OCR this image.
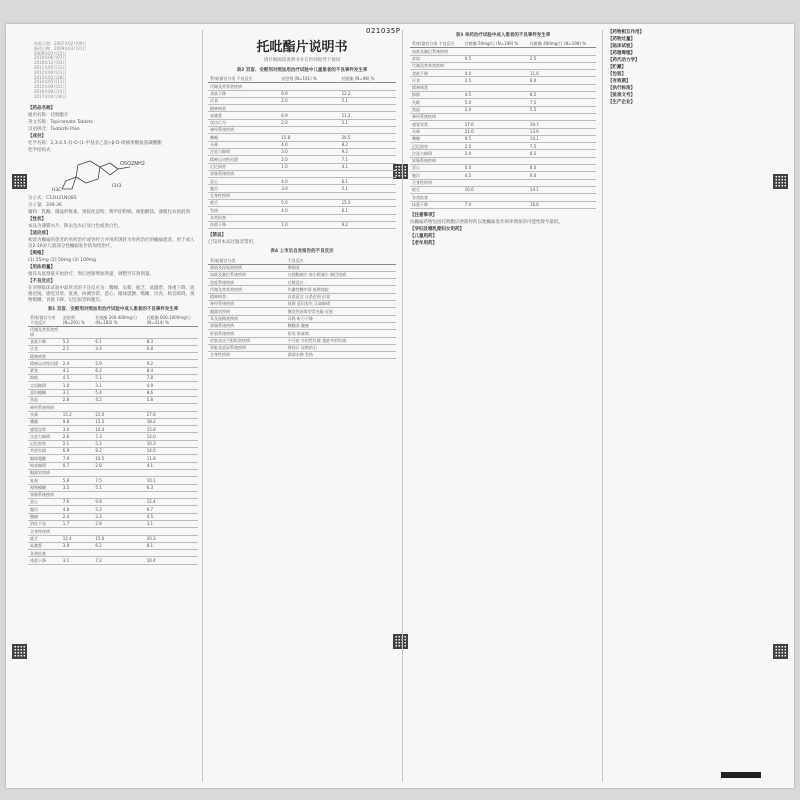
021035P
核准日期：2007年02月09日
修改日期：2009年03月21日
2009年07月22日
2010年06月07日
2010年12月03日
2011年05月31日
2012年09月01日
2013年01月28日
2014年05月11日
2015年09月01日
2016年08月15日
2017年04月30日

【药品名称】

通用名称：托吡酯片

英文名称：Topiramate Tablets

汉语拼音：Tuobizhi Pian

【成份】

化学名称：2,3:4,5-双-O-(1-甲基亚乙基)-β-D-吡喃果糖氨基磺酸酯

化学结构式：

OSO2NH2
H3C
CH3

分子式：C12H21NO8S

分子量：339.36

辅料：乳糖、微晶纤维素、预胶化淀粉、羧甲淀粉钠、硬脂酸镁、薄膜包衣预混剂

【性状】

本品为薄膜衣片，除去包衣后显白色或类白色。

【适应症】

初诊为癫痫的患者的单药治疗或曾经合并用药现转为单药治疗的癫痫患者。用于成人及2-16岁儿童部分性癫痫发作的加用治疗。

【规格】

(1) 25mg (2) 50mg (3) 100mg

【用法用量】

推荐从低剂量开始治疗，然后逐渐增加剂量，调整至有效剂量。

【不良反应】

在对照临床试验中最常见的不良反应为：嗜睡、头晕、疲乏、易激惹、体重下降、思维迟钝、感觉异常、复视、协调异常、恶心、眼球震颤、嗜睡、厌食、构音障碍、视物模糊、食欲下降、记忆损害和腹泻。

表1 双盲、安慰剂对照加用治疗试验中成人患者的不良事件发生率
系统/器官分类 不良反应	安慰剂 (N=291) %	托吡酯 200-400mg/日 (N=183) %	托吡酯 600-1000mg/日 (N=414) %
代谢及营养类疾病			
食欲下降	5.2	6.1	8.3
厌食	2.1	3.4	6.8
精神病类			
精神运动性迟缓	2.4	5.9	9.2
紧张	4.1	6.2	8.4
抑郁	4.5	5.1	7.8
言语障碍	1.0	3.1	4.9
意识模糊	3.1	5.4	8.6
焦虑	2.8	4.2	5.8
神经系统疾病			
头晕	15.2	21.0	27.6
嗜睡	9.8	15.5	18.2
感觉异常	3.0	10.4	15.8
注意力障碍	2.6	7.3	12.0
记忆损害	2.1	5.2	10.3
共济失调	6.9	9.2	14.0
眼球震颤	7.9	10.5	11.8
构音障碍	0.7	2.8	4.1
眼器官疾病			
复视	5.8	7.5	10.1
视物模糊	3.5	5.1	6.3
胃肠系统疾病			
恶心	7.6	9.8	12.4
腹泻	4.8	5.2	6.7
腹痛	2.4	3.2	4.5
消化不良	1.7	2.8	3.1
全身性疾病			
疲乏	12.4	15.6	20.3
易激惹	3.9	6.2	8.1
各类检查			
体重下降	3.1	7.2	10.4
托吡酯片说明书
请仔细阅读说明书并在医师指导下使用
表2 双盲、安慰剂对照加用治疗试验中儿童患者的不良事件发生率
系统/器官分类 不良反应	安慰剂 (N=101) %	托吡酯 (N=98) %
代谢及营养类疾病		
食欲下降	6.9	12.2
厌食	2.0	5.1
精神病类		
易激惹	6.9	11.2
攻击行为	2.0	5.1
神经系统疾病		
嗜睡	15.8	26.5
头晕	4.0	8.2
注意力障碍	3.0	9.2
精神运动性迟缓	2.0	7.1
记忆损害	1.0	4.1
胃肠系统疾病		
恶心	4.0	6.1
腹泻	3.0	5.1
全身性疾病		
疲乏	5.0	15.3
发热	4.0	6.1
各类检查		
体重下降	1.0	9.2

【禁忌】

已知对本品过敏者禁用。

表4 上市后自发报告的不良反应
系统/器官分类	不良反应
感染及侵染类疾病	鼻咽炎
血液及淋巴系统疾病	白细胞减少 血小板减少 淋巴结病
免疫系统疾病	过敏反应
代谢及营养类疾病	代谢性酸中毒 低钾血症
精神病类	自杀意念 自杀企图 幻觉
神经系统疾病	惊厥 意识丧失 认知障碍
眼器官疾病	继发性闭角型青光眼 近视
耳及迷路类疾病	耳鸣 听力下降
胃肠系统疾病	胰腺炎 腹痛
肝胆系统疾病	肝炎 肝衰竭
皮肤及皮下组织类疾病	少汗症 多形性红斑 重症多形红斑
肾脏及泌尿系统疾病	肾结石 尿路结石
全身性疾病	面部水肿 发热
表3 单药治疗试验中成人患者的不良事件发生率
系统/器官分类 不良反应	托吡酯 50mg/日 (N=199) %	托吡酯 400mg/日 (N=199) %
血液及淋巴系统疾病		
贫血	0.5	2.5
代谢及营养类疾病		
食欲下降	4.0	11.6
厌食	2.5	6.0
精神病类		
抑郁	4.5	8.5
失眠	5.0	7.5
焦虑	2.0	5.5
神经系统疾病		
感觉异常	17.6	39.7
头晕	11.6	13.6
嗜睡	9.5	10.1
记忆损害	2.5	7.5
注意力障碍	2.0	6.5
胃肠系统疾病		
恶心	6.0	8.0
腹泻	4.5	6.0
全身性疾病		
疲乏	10.6	14.1
各类检查		
体重下降	7.0	16.6

【注意事项】

抗癫痫药物包括托吡酯应逐渐停药以使癫痫发作频率增加的可能性降至最低。

【孕妇及哺乳期妇女用药】

【儿童用药】

【老年用药】

【药物相互作用】

【药物过量】

【临床试验】

【药理毒理】

【药代动力学】

【贮藏】

【包装】

【有效期】

【执行标准】

【批准文号】

【生产企业】
